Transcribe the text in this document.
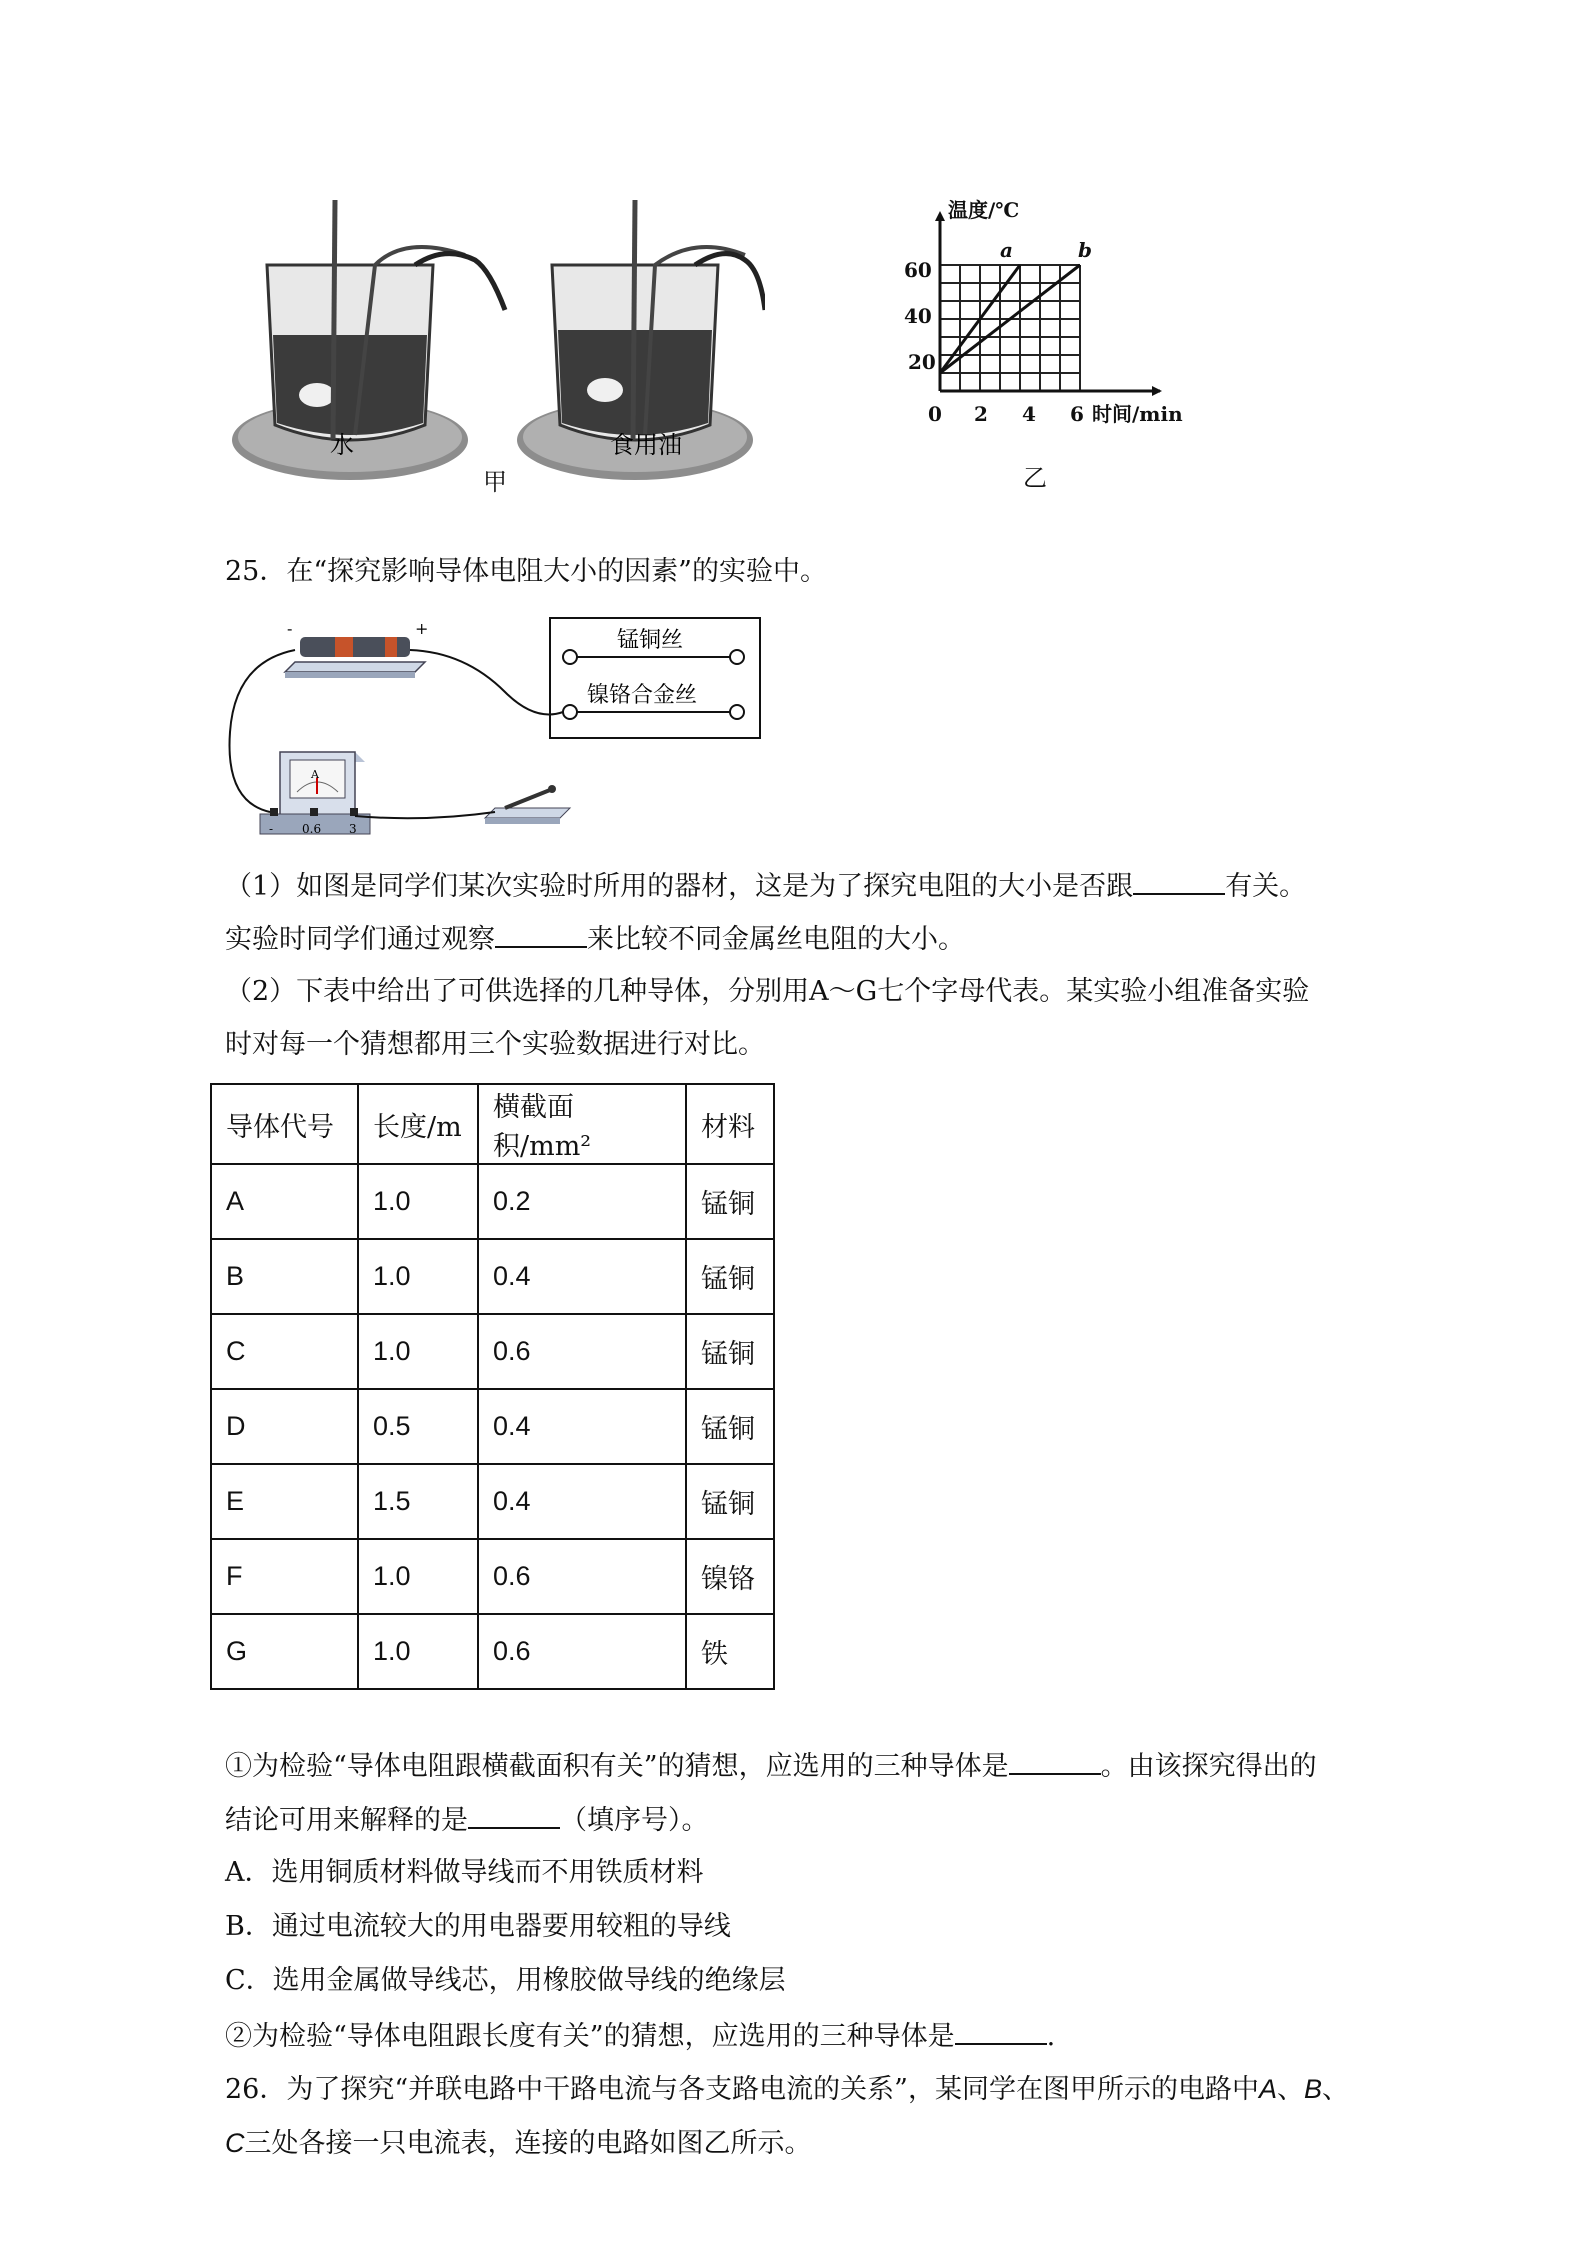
水	食用油
甲
温度/℃
a	b
60
40
20
0 2 4 6 时间/min
乙
25．在“探究影响导体电阻大小的因素”的实验中。
-	+	锰铜丝
镍铬合金丝
A
- 0.6 3
（1）如图是同学们某次实验时所用的器材，这是为了探究电阻的大小是否跟	有关。
实验时同学们通过观察	来比较不同金属丝电阻的大小。
（2）下表中给出了可供选择的几种导体，分别用A～G七个字母代表。某实验小组准备实验
时对每一个猜想都用三个实验数据进行对比。
导体代号	长度/m	横截面积/mm²	材料
A	1.0	0.2	锰铜
B	1.0	0.4	锰铜
C	1.0	0.6	锰铜
D	0.5	0.4	锰铜
E	1.5	0.4	锰铜
F	1.0	0.6	镍铬
G	1.0	0.6	铁
①为检验“导体电阻跟横截面积有关”的猜想，应选用的三种导体是	。由该探究得出的
结论可用来解释的是	（填序号）。
A．选用铜质材料做导线而不用铁质材料
B．通过电流较大的用电器要用较粗的导线
C．选用金属做导线芯，用橡胶做导线的绝缘层
②为检验“导体电阻跟长度有关”的猜想，应选用的三种导体是	.
26．为了探究“并联电路中干路电流与各支路电流的关系”，某同学在图甲所示的电路中A、B、
C三处各接一只电流表，连接的电路如图乙所示。
